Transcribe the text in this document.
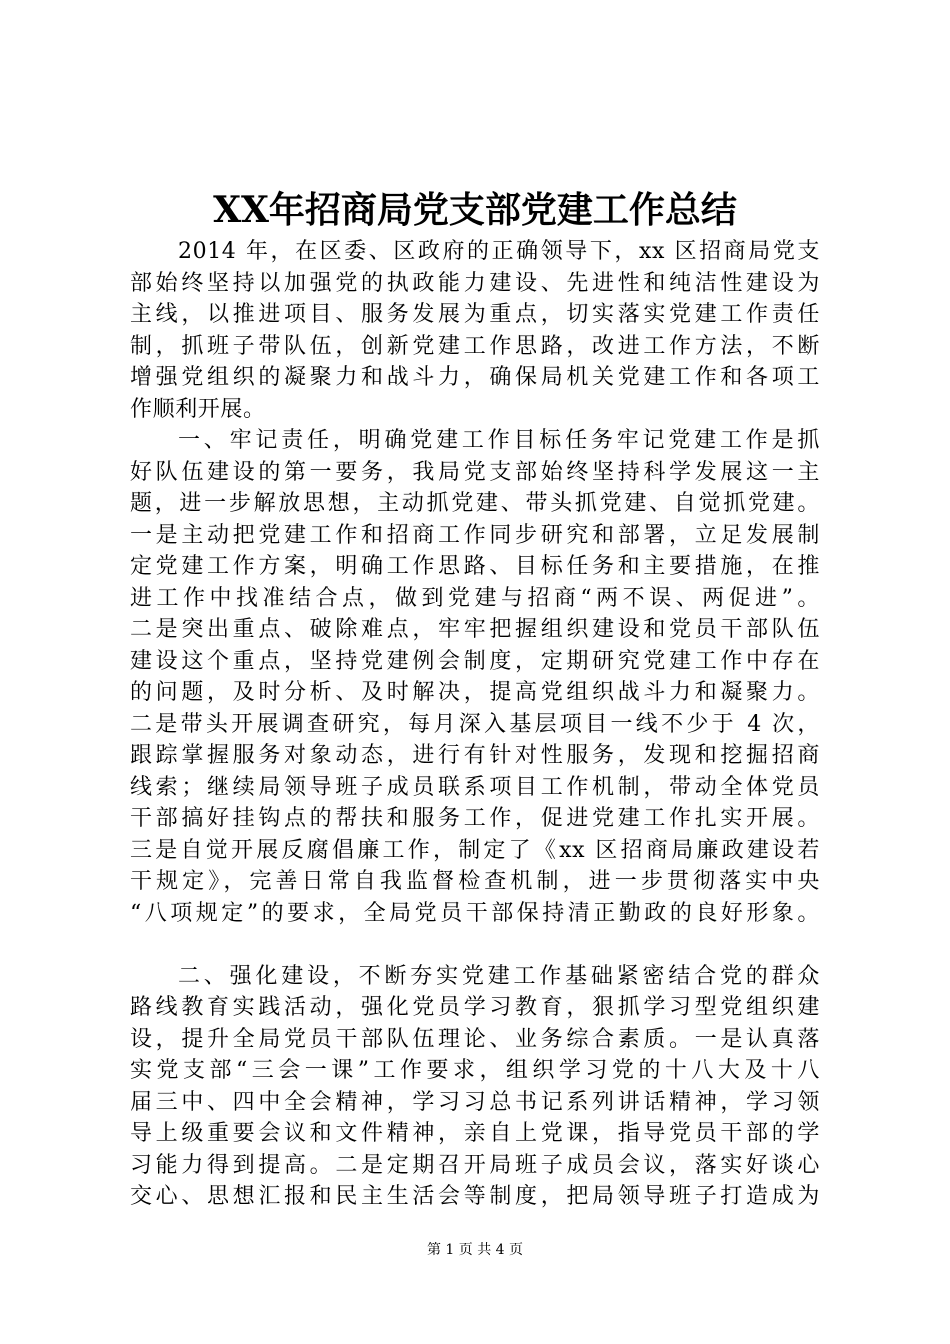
XX年招商局党支部党建工作总结
2014 年，在区委、区政府的正确领导下，xx 区招商局党支
部始终坚持以加强党的执政能力建设、先进性和纯洁性建设为
主线，以推进项目、服务发展为重点，切实落实党建工作责任
制，抓班子带队伍，创新党建工作思路，改进工作方法，不断
增强党组织的凝聚力和战斗力，确保局机关党建工作和各项工
作顺利开展。
一、牢记责任，明确党建工作目标任务牢记党建工作是抓
好队伍建设的第一要务，我局党支部始终坚持科学发展这一主
题，进一步解放思想，主动抓党建、带头抓党建、自觉抓党建。
一是主动把党建工作和招商工作同步研究和部署，立足发展制
定党建工作方案，明确工作思路、目标任务和主要措施，在推
进工作中找准结合点，做到党建与招商“两不误、两促进”。
二是突出重点、破除难点，牢牢把握组织建设和党员干部队伍
建设这个重点，坚持党建例会制度，定期研究党建工作中存在
的问题，及时分析、及时解决，提高党组织战斗力和凝聚力。
二是带头开展调查研究，每月深入基层项目一线不少于 4 次，
跟踪掌握服务对象动态，进行有针对性服务，发现和挖掘招商
线索；继续局领导班子成员联系项目工作机制，带动全体党员
干部搞好挂钩点的帮扶和服务工作，促进党建工作扎实开展。
三是自觉开展反腐倡廉工作，制定了《xx 区招商局廉政建设若
干规定》，完善日常自我监督检查机制，进一步贯彻落实中央
“八项规定”的要求，全局党员干部保持清正勤政的良好形象。
二、强化建设，不断夯实党建工作基础紧密结合党的群众
路线教育实践活动，强化党员学习教育，狠抓学习型党组织建
设，提升全局党员干部队伍理论、业务综合素质。一是认真落
实党支部“三会一课”工作要求，组织学习党的十八大及十八
届三中、四中全会精神，学习习总书记系列讲话精神，学习领
导上级重要会议和文件精神，亲自上党课，指导党员干部的学
习能力得到提高。二是定期召开局班子成员会议，落实好谈心
交心、思想汇报和民主生活会等制度，把局领导班子打造成为
第 1 页 共 4 页
